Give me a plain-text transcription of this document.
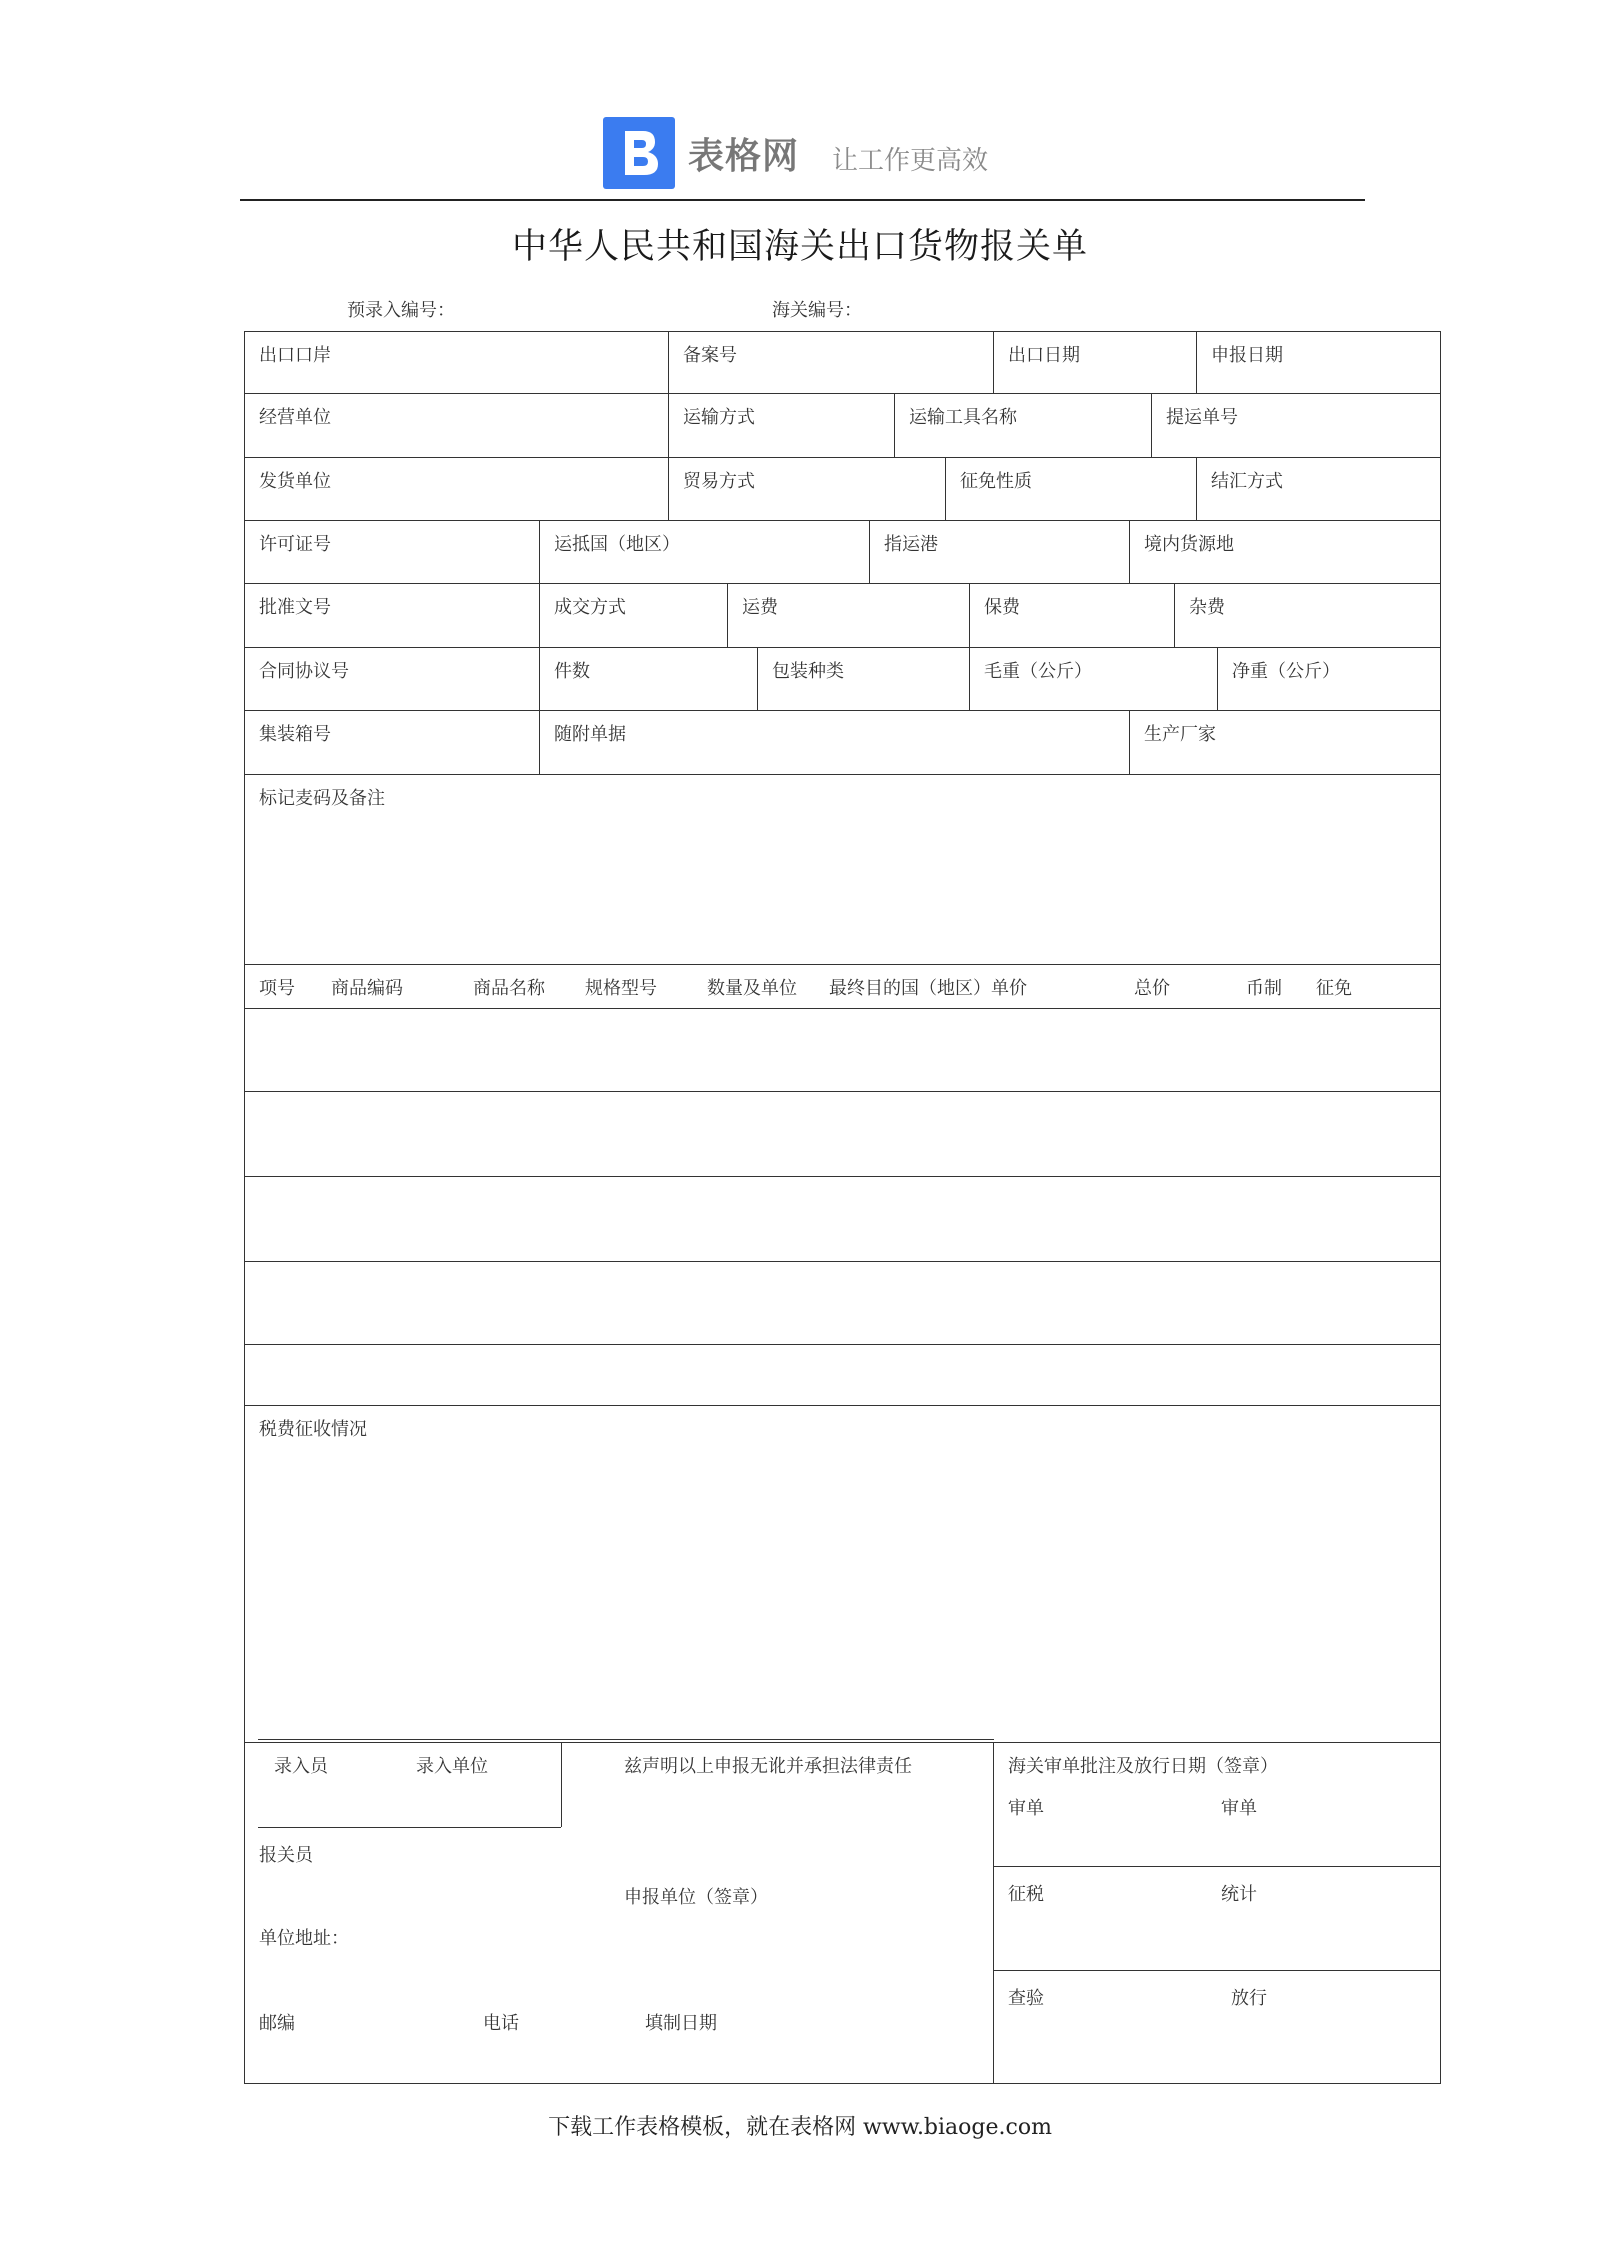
表格网 让工作更高效
中华人民共和国海关出口货物报关单
预录入编号：	海关编号：
出口口岸	备案号	出口日期	申报日期
经营单位	运输方式	运输工具名称	提运单号
发货单位	贸易方式	征免性质	结汇方式
许可证号	运抵国（地区）	指运港	境内货源地
批准文号	成交方式	运费	保费	杂费
合同协议号	件数	包装种类	毛重（公斤）	净重（公斤）
集装箱号	随附单据	生产厂家
标记麦码及备注
项号 商品编码	商品名称 规格型号	数量及单位 最终目的国（地区）单价	总价	币制 征免
税费征收情况
录入员	录入单位	兹声明以上申报无讹并承担法律责任
报关员
申报单位（签章）
单位地址：
邮编	电话	填制日期
海关审单批注及放行日期（签章）
审单	审单
征税	统计
查验	放行
下载工作表格模板，就在表格网 www.biaoge.com
